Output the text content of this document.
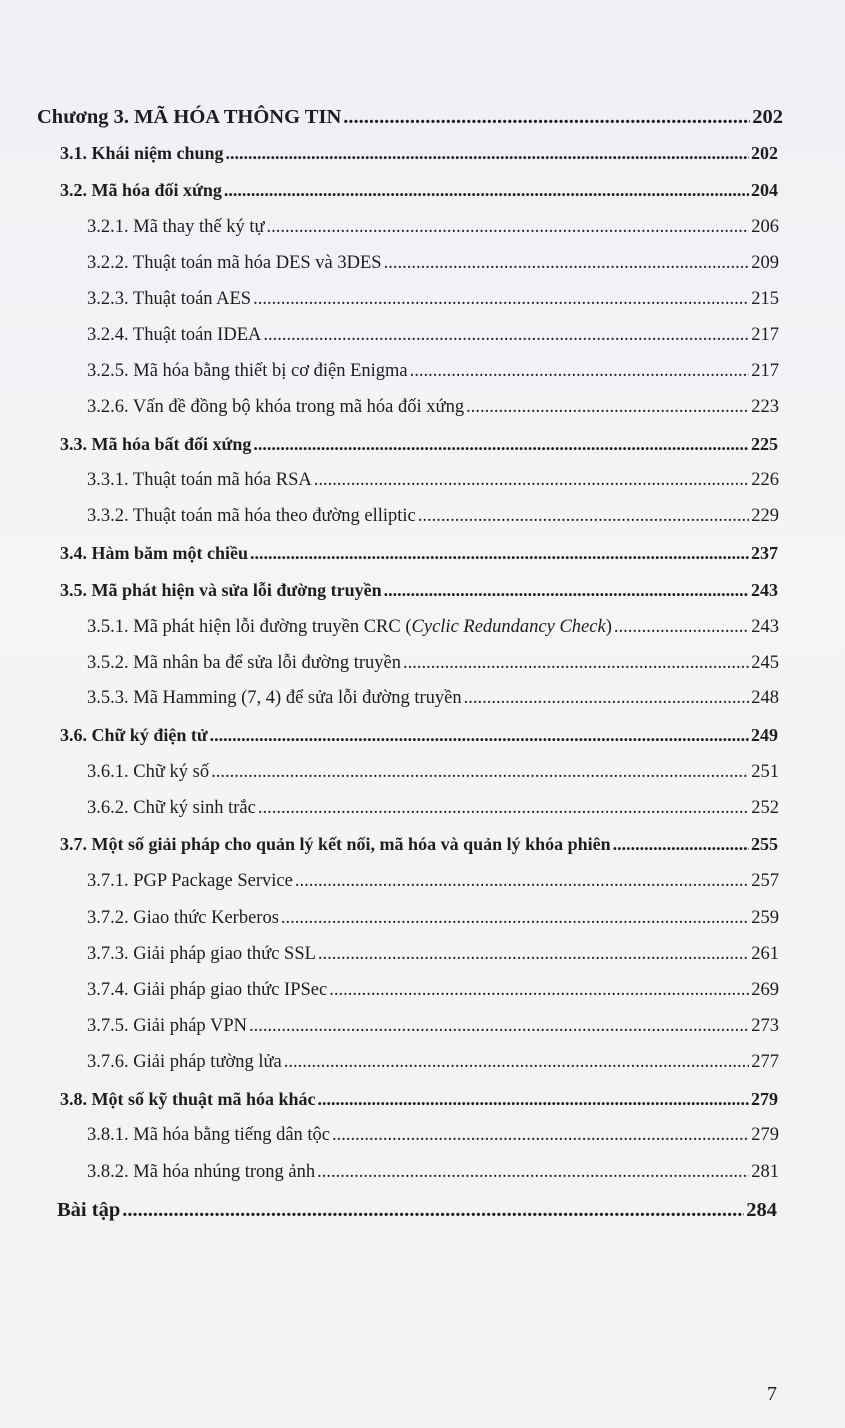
Chương 3. MÃ HÓA THÔNG TIN .....	202
3.1. Khái niệm chung .....	202
3.2. Mã hóa đối xứng .....	204
3.2.1. Mã thay thế ký tự .....	206
3.2.2. Thuật toán mã hóa DES và 3DES .....	209
3.2.3. Thuật toán AES .....	215
3.2.4. Thuật toán IDEA .....	217
3.2.5. Mã hóa bằng thiết bị cơ điện Enigma .....	217
3.2.6. Vấn đề đồng bộ khóa trong mã hóa đối xứng .....	223
3.3. Mã hóa bất đối xứng .....	225
3.3.1. Thuật toán mã hóa RSA .....	226
3.3.2. Thuật toán mã hóa theo đường elliptic .....	229
3.4. Hàm băm một chiều .....	237
3.5. Mã phát hiện và sửa lỗi đường truyền .....	243
3.5.1. Mã phát hiện lỗi đường truyền CRC (Cyclic Redundancy Check) .....	243
3.5.2. Mã nhân ba để sửa lỗi đường truyền .....	245
3.5.3. Mã Hamming (7, 4) để sửa lỗi đường truyền .....	248
3.6. Chữ ký điện tử .....	249
3.6.1. Chữ ký số .....	251
3.6.2. Chữ ký sinh trắc .....	252
3.7. Một số giải pháp cho quản lý kết nối, mã hóa và quản lý khóa phiên .....	255
3.7.1. PGP Package Service .....	257
3.7.2. Giao thức Kerberos .....	259
3.7.3. Giải pháp giao thức SSL .....	261
3.7.4. Giải pháp giao thức IPSec .....	269
3.7.5. Giải pháp VPN .....	273
3.7.6. Giải pháp tường lửa .....	277
3.8. Một số kỹ thuật mã hóa khác .....	279
3.8.1. Mã hóa bằng tiếng dân tộc .....	279
3.8.2. Mã hóa nhúng trong ảnh .....	281
Bài tập .....	284
7
